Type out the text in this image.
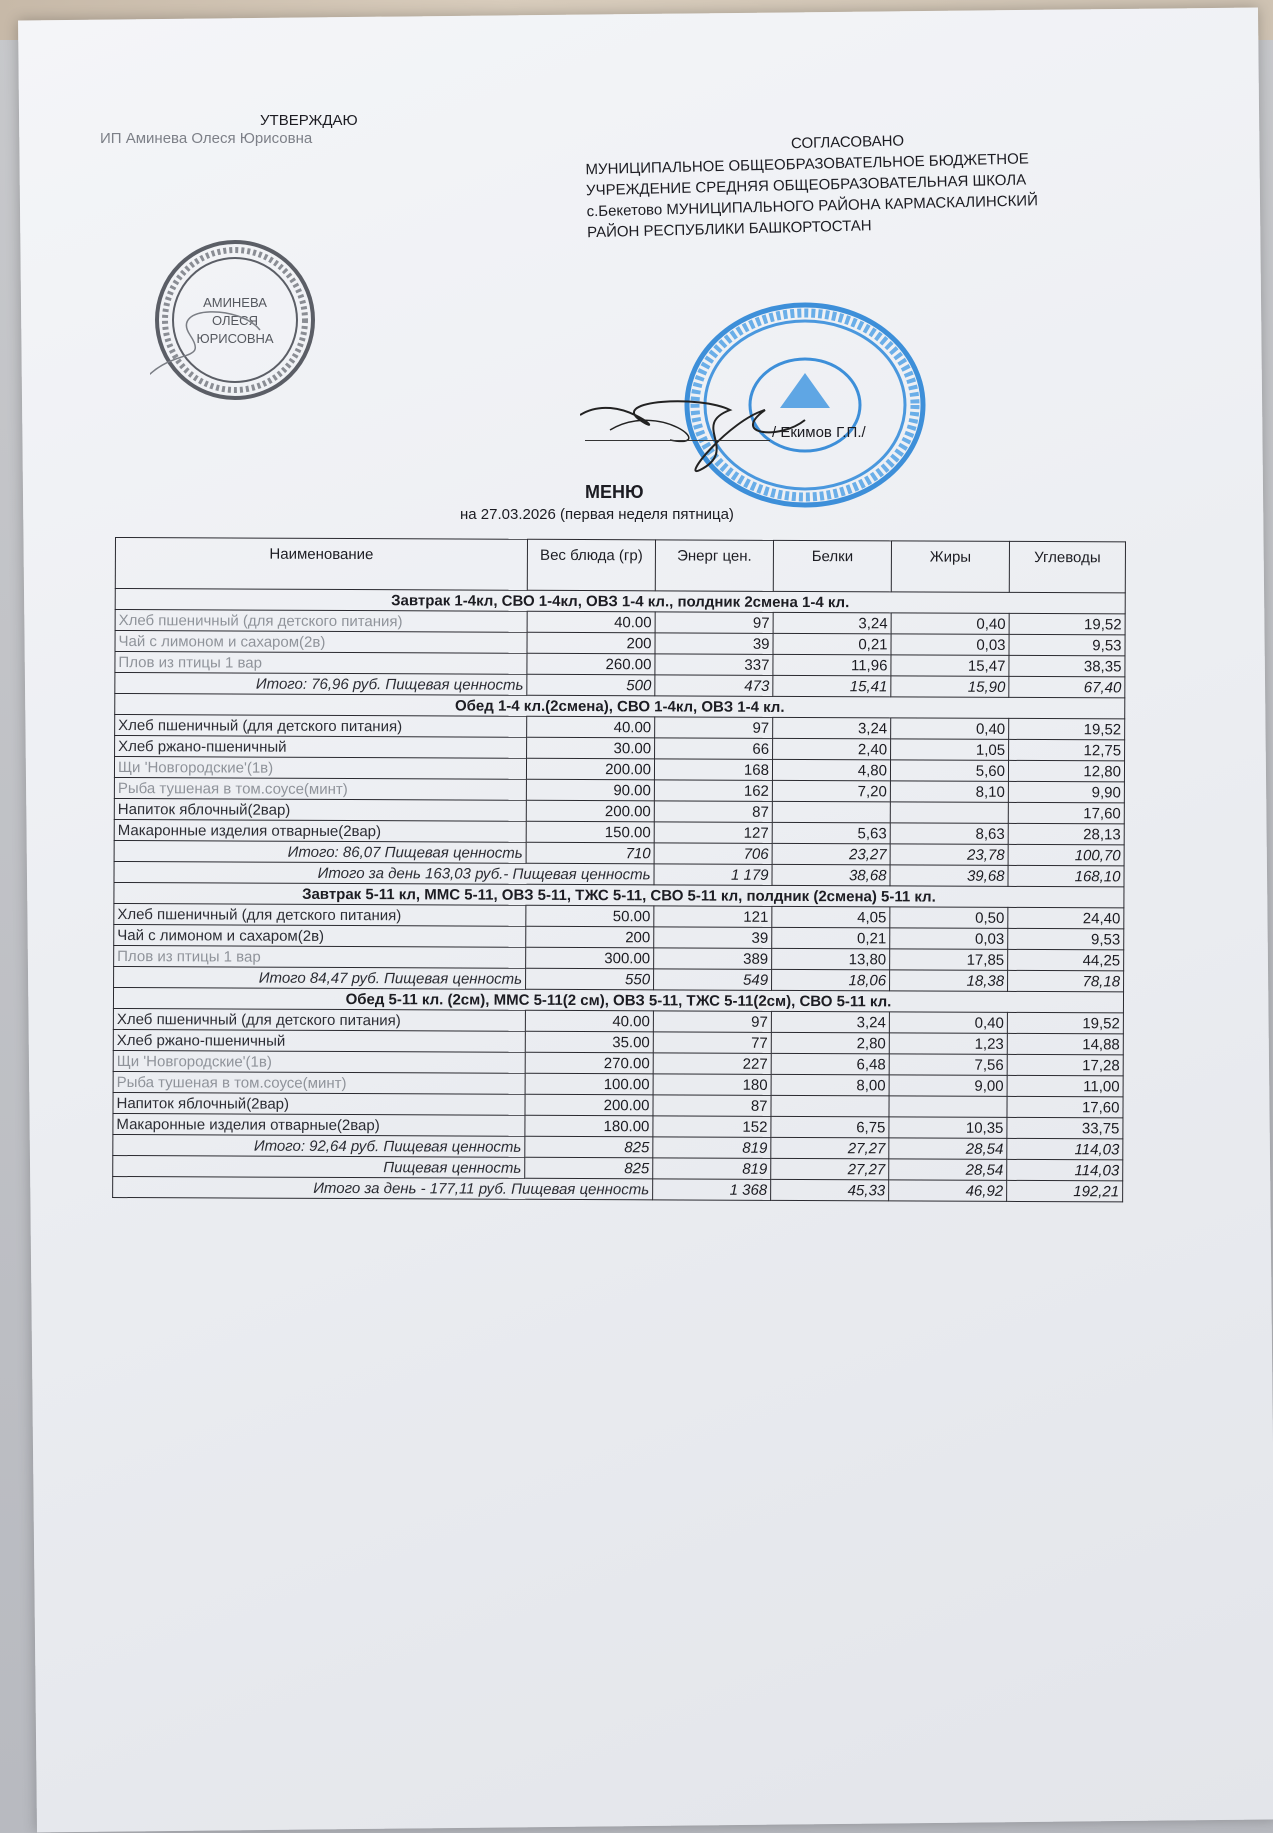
УТВЕРЖДАЮ
ИП Аминева Олеся Юрисовна
АМИНЕВА
ОЛЕСЯ
ЮРИСОВНА
СОГЛАСОВАНО
МУНИЦИПАЛЬНОЕ ОБЩЕОБРАЗОВАТЕЛЬНОЕ БЮДЖЕТНОЕ
УЧРЕЖДЕНИЕ СРЕДНЯЯ ОБЩЕОБРАЗОВАТЕЛЬНАЯ ШКОЛА
с.Бекетово МУНИЦИПАЛЬНОГО РАЙОНА КАРМАСКАЛИНСКИЙ
РАЙОН РЕСПУБЛИКИ БАШКОРТОСТАН
/ Екимов Г.П./
МЕНЮ
на 27.03.2026 (первая неделя пятница)
Наименование	Вес блюда (гр)	Энерг цен.	Белки	Жиры	Углеводы
Завтрак 1-4кл, СВО 1-4кл, ОВЗ 1-4 кл., полдник 2смена 1-4 кл.					
Хлеб пшеничный (для детского питания)	40.00	97	3,24	0,40	19,52
Чай с лимоном и сахаром(2в)	200	39	0,21	0,03	9,53
Плов из птицы 1 вар	260.00	337	11,96	15,47	38,35
Итого: 76,96 руб. Пищевая ценность	500	473	15,41	15,90	67,40
Обед 1-4 кл.(2смена), СВО 1-4кл, ОВЗ 1-4 кл.					
Хлеб пшеничный (для детского питания)	40.00	97	3,24	0,40	19,52
Хлеб ржано-пшеничный	30.00	66	2,40	1,05	12,75
Щи 'Новгородские'(1в)	200.00	168	4,80	5,60	12,80
Рыба тушеная в том.соусе(минт)	90.00	162	7,20	8,10	9,90
Напиток яблочный(2вар)	200.00	87			17,60
Макаронные изделия отварные(2вар)	150.00	127	5,63	8,63	28,13
Итого: 86,07 Пищевая ценность	710	706	23,27	23,78	100,70
Итого за день 163,03 руб.- Пищевая ценность		1 179	38,68	39,68	168,10
Завтрак 5-11 кл, ММС 5-11, ОВЗ 5-11, ТЖС 5-11, СВО 5-11 кл, полдник (2смена) 5-11 кл.					
Хлеб пшеничный (для детского питания)	50.00	121	4,05	0,50	24,40
Чай с лимоном и сахаром(2в)	200	39	0,21	0,03	9,53
Плов из птицы 1 вар	300.00	389	13,80	17,85	44,25
Итого 84,47 руб. Пищевая ценность	550	549	18,06	18,38	78,18
Обед 5-11 кл. (2см), ММС 5-11(2 см), ОВЗ 5-11, ТЖС 5-11(2см), СВО 5-11 кл.					
Хлеб пшеничный (для детского питания)	40.00	97	3,24	0,40	19,52
Хлеб ржано-пшеничный	35.00	77	2,80	1,23	14,88
Щи 'Новгородские'(1в)	270.00	227	6,48	7,56	17,28
Рыба тушеная в том.соусе(минт)	100.00	180	8,00	9,00	11,00
Напиток яблочный(2вар)	200.00	87			17,60
Макаронные изделия отварные(2вар)	180.00	152	6,75	10,35	33,75
Итого: 92,64 руб. Пищевая ценность	825	819	27,27	28,54	114,03
Пищевая ценность	825	819	27,27	28,54	114,03
Итого за день - 177,11 руб. Пищевая ценность		1 368	45,33	46,92	192,21
